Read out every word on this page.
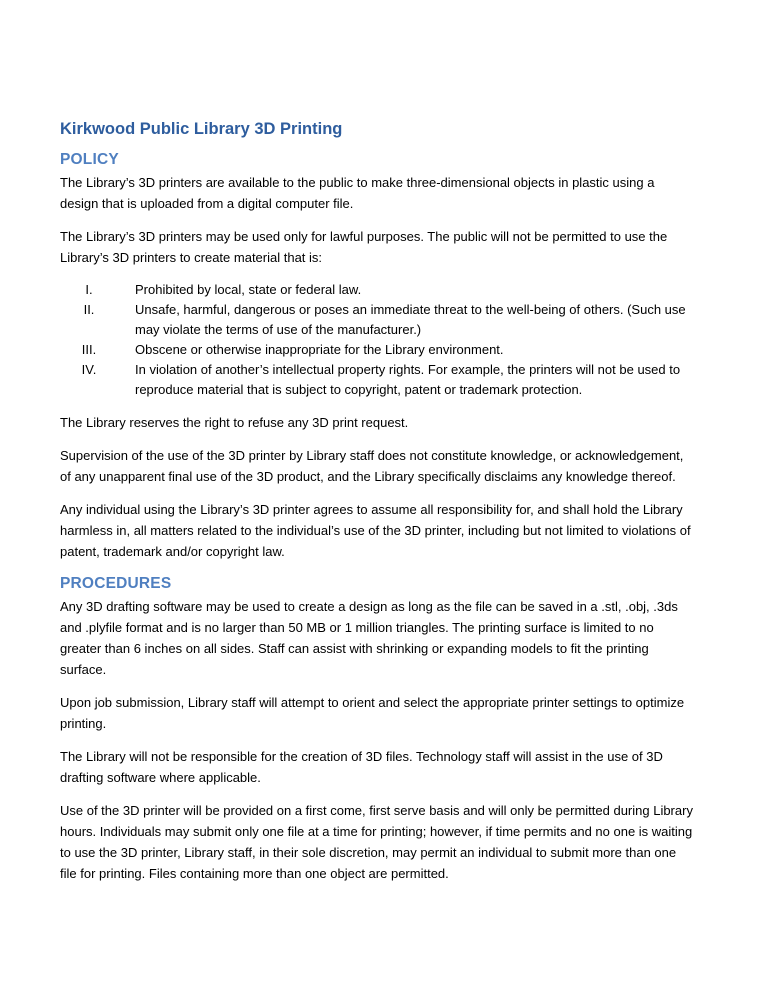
Kirkwood Public Library 3D Printing
POLICY

The Library’s 3D printers are available to the public to make three-dimensional objects in plastic using a design that is uploaded from a digital computer file.

The Library’s 3D printers may be used only for lawful purposes. The public will not be permitted to use the Library’s 3D printers to create material that is:

I.	Prohibited by local, state or federal law.
II.	Unsafe, harmful, dangerous or poses an immediate threat to the well-being of others. (Such use may violate the terms of use of the manufacturer.)
III.	Obscene or otherwise inappropriate for the Library environment.
IV.	In violation of another’s intellectual property rights. For example, the printers will not be used to reproduce material that is subject to copyright, patent or trademark protection.

The Library reserves the right to refuse any 3D print request.

Supervision of the use of the 3D printer by Library staff does not constitute knowledge, or acknowledgement, of any unapparent final use of the 3D product, and the Library specifically disclaims any knowledge thereof.

Any individual using the Library’s 3D printer agrees to assume all responsibility for, and shall hold the Library harmless in, all matters related to the individual’s use of the 3D printer, including but not limited to violations of patent, trademark and/or copyright law.

PROCEDURES

Any 3D drafting software may be used to create a design as long as the file can be saved in a .stl, .obj, .3ds and .plyfile format and is no larger than 50 MB or 1 million triangles. The printing surface is limited to no greater than 6 inches on all sides. Staff can assist with shrinking or expanding models to fit the printing surface.

Upon job submission, Library staff will attempt to orient and select the appropriate printer settings to optimize printing.

The Library will not be responsible for the creation of 3D files. Technology staff will assist in the use of 3D drafting software where applicable.

Use of the 3D printer will be provided on a first come, first serve basis and will only be permitted during Library hours. Individuals may submit only one file at a time for printing; however, if time permits and no one is waiting to use the 3D printer, Library staff, in their sole discretion, may permit an individual to submit more than one file for printing. Files containing more than one object are permitted.
